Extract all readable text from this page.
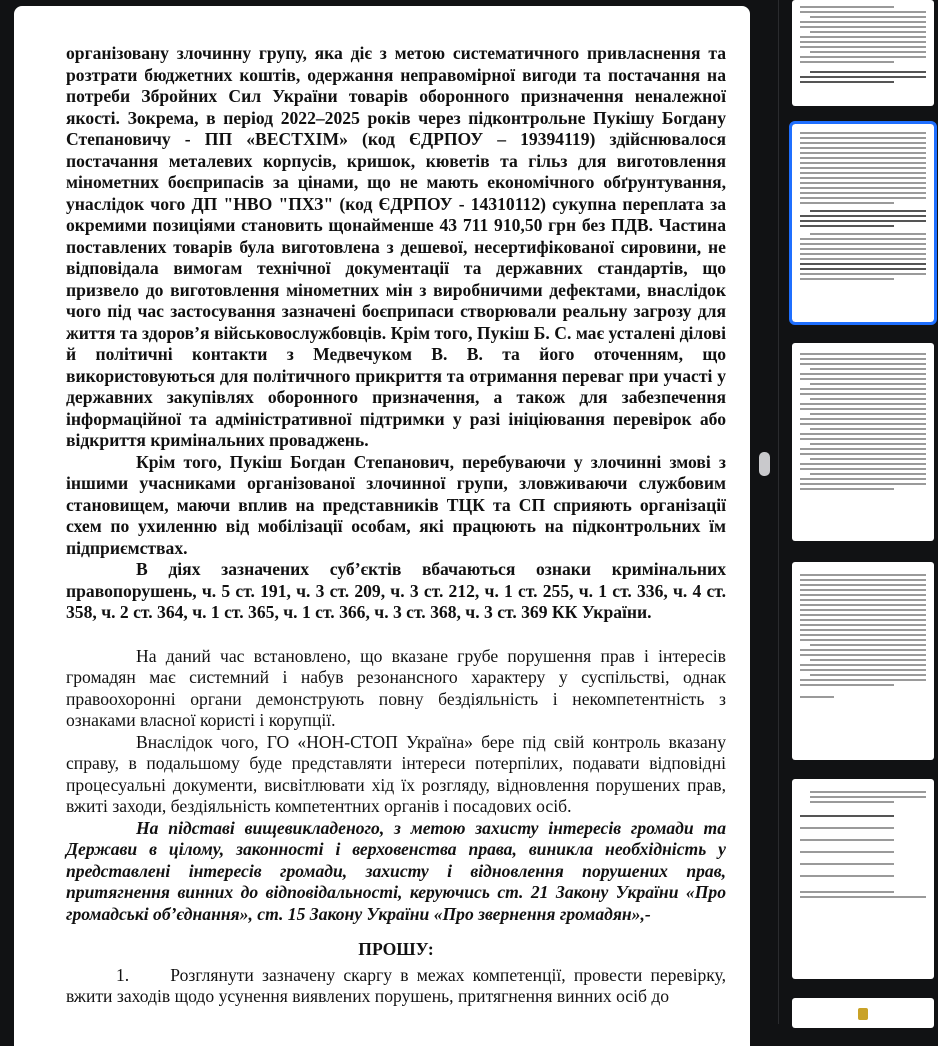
організовану злочинну групу, яка діє з метою систематичного привласнення та розтрати бюджетних коштів, одержання неправомірної вигоди та постачання на потреби Збройних Сил України товарів оборонного призначення неналежної якості. Зокрема, в період 2022–2025 років через підконтрольне Пукішу Богдану Степановичу - ПП «ВЕСТХІМ» (код ЄДРПОУ – 19394119) здійснювалося постачання металевих корпусів, кришок, кюветів та гільз для виготовлення мінометних боєприпасів за цінами, що не мають економічного обґрунтування, унаслідок чого ДП "НВО "ПХЗ" (код ЄДРПОУ - 14310112) сукупна переплата за окремими позиціями становить щонайменше 43 711 910,50 грн без ПДВ. Частина поставлених товарів була виготовлена з дешевої, несертифікованої сировини, не відповідала вимогам технічної документації та державних стандартів, що призвело до виготовлення мінометних мін з виробничими дефектами, внаслідок чого під час застосування зазначені боєприпаси створювали реальну загрозу для життя та здоров’я військовослужбовців. Крім того, Пукіш Б. С. має усталені ділові й політичні контакти з Медвечуком В. В. та його оточенням, що використовуються для політичного прикриття та отримання переваг при участі у державних закупівлях оборонного призначення, а також для забезпечення інформаційної та адміністративної підтримки у разі ініціювання перевірок або відкриття кримінальних проваджень.

Крім того, Пукіш Богдан Степанович, перебуваючи у злочинні змові з іншими учасниками організованої злочинної групи, зловживаючи службовим становищем, маючи вплив на представників ТЦК та СП сприяють організації схем по ухиленню від мобілізації особам, які працюють на підконтрольних їм підприємствах.

В діях зазначених суб’єктів вбачаються ознаки кримінальних правопорушень, ч. 5 ст. 191, ч. 3 ст. 209, ч. 3 ст. 212, ч. 1 ст. 255, ч. 1 ст. 336, ч. 4 ст. 358, ч. 2 ст. 364, ч. 1 ст. 365, ч. 1 ст. 366, ч. 3 ст. 368, ч. 3 ст. 369 КК України.

На даний час встановлено, що вказане грубе порушення прав і інтересів громадян має системний і набув резонансного характеру у суспільстві, однак правоохоронні органи демонструють повну бездіяльність і некомпетентність з ознаками власної користі і корупції.

Внаслідок чого, ГО «НОН-СТОП Україна» бере під свій контроль вказану справу, в подальшому буде представляти інтереси потерпілих, подавати відповідні процесуальні документи, висвітлювати хід їх розгляду, відновлення порушених прав, вжиті заходи, бездіяльність компетентних органів і посадових осіб.

На підставі вищевикладеного, з метою захисту інтересів громади та Держави в цілому, законності і верховенства права, виникла необхідність у представлені інтересів громади, захисту і відновлення порушених прав, притягнення винних до відповідальності, керуючись ст. 21 Закону України «Про громадські об’єднання», ст. 15 Закону України «Про звернення громадян»,-

ПРОШУ:

1. Розглянути зазначену скаргу в межах компетенції, провести перевірку, вжити заходів щодо усунення виявлених порушень, притягнення винних осіб до
